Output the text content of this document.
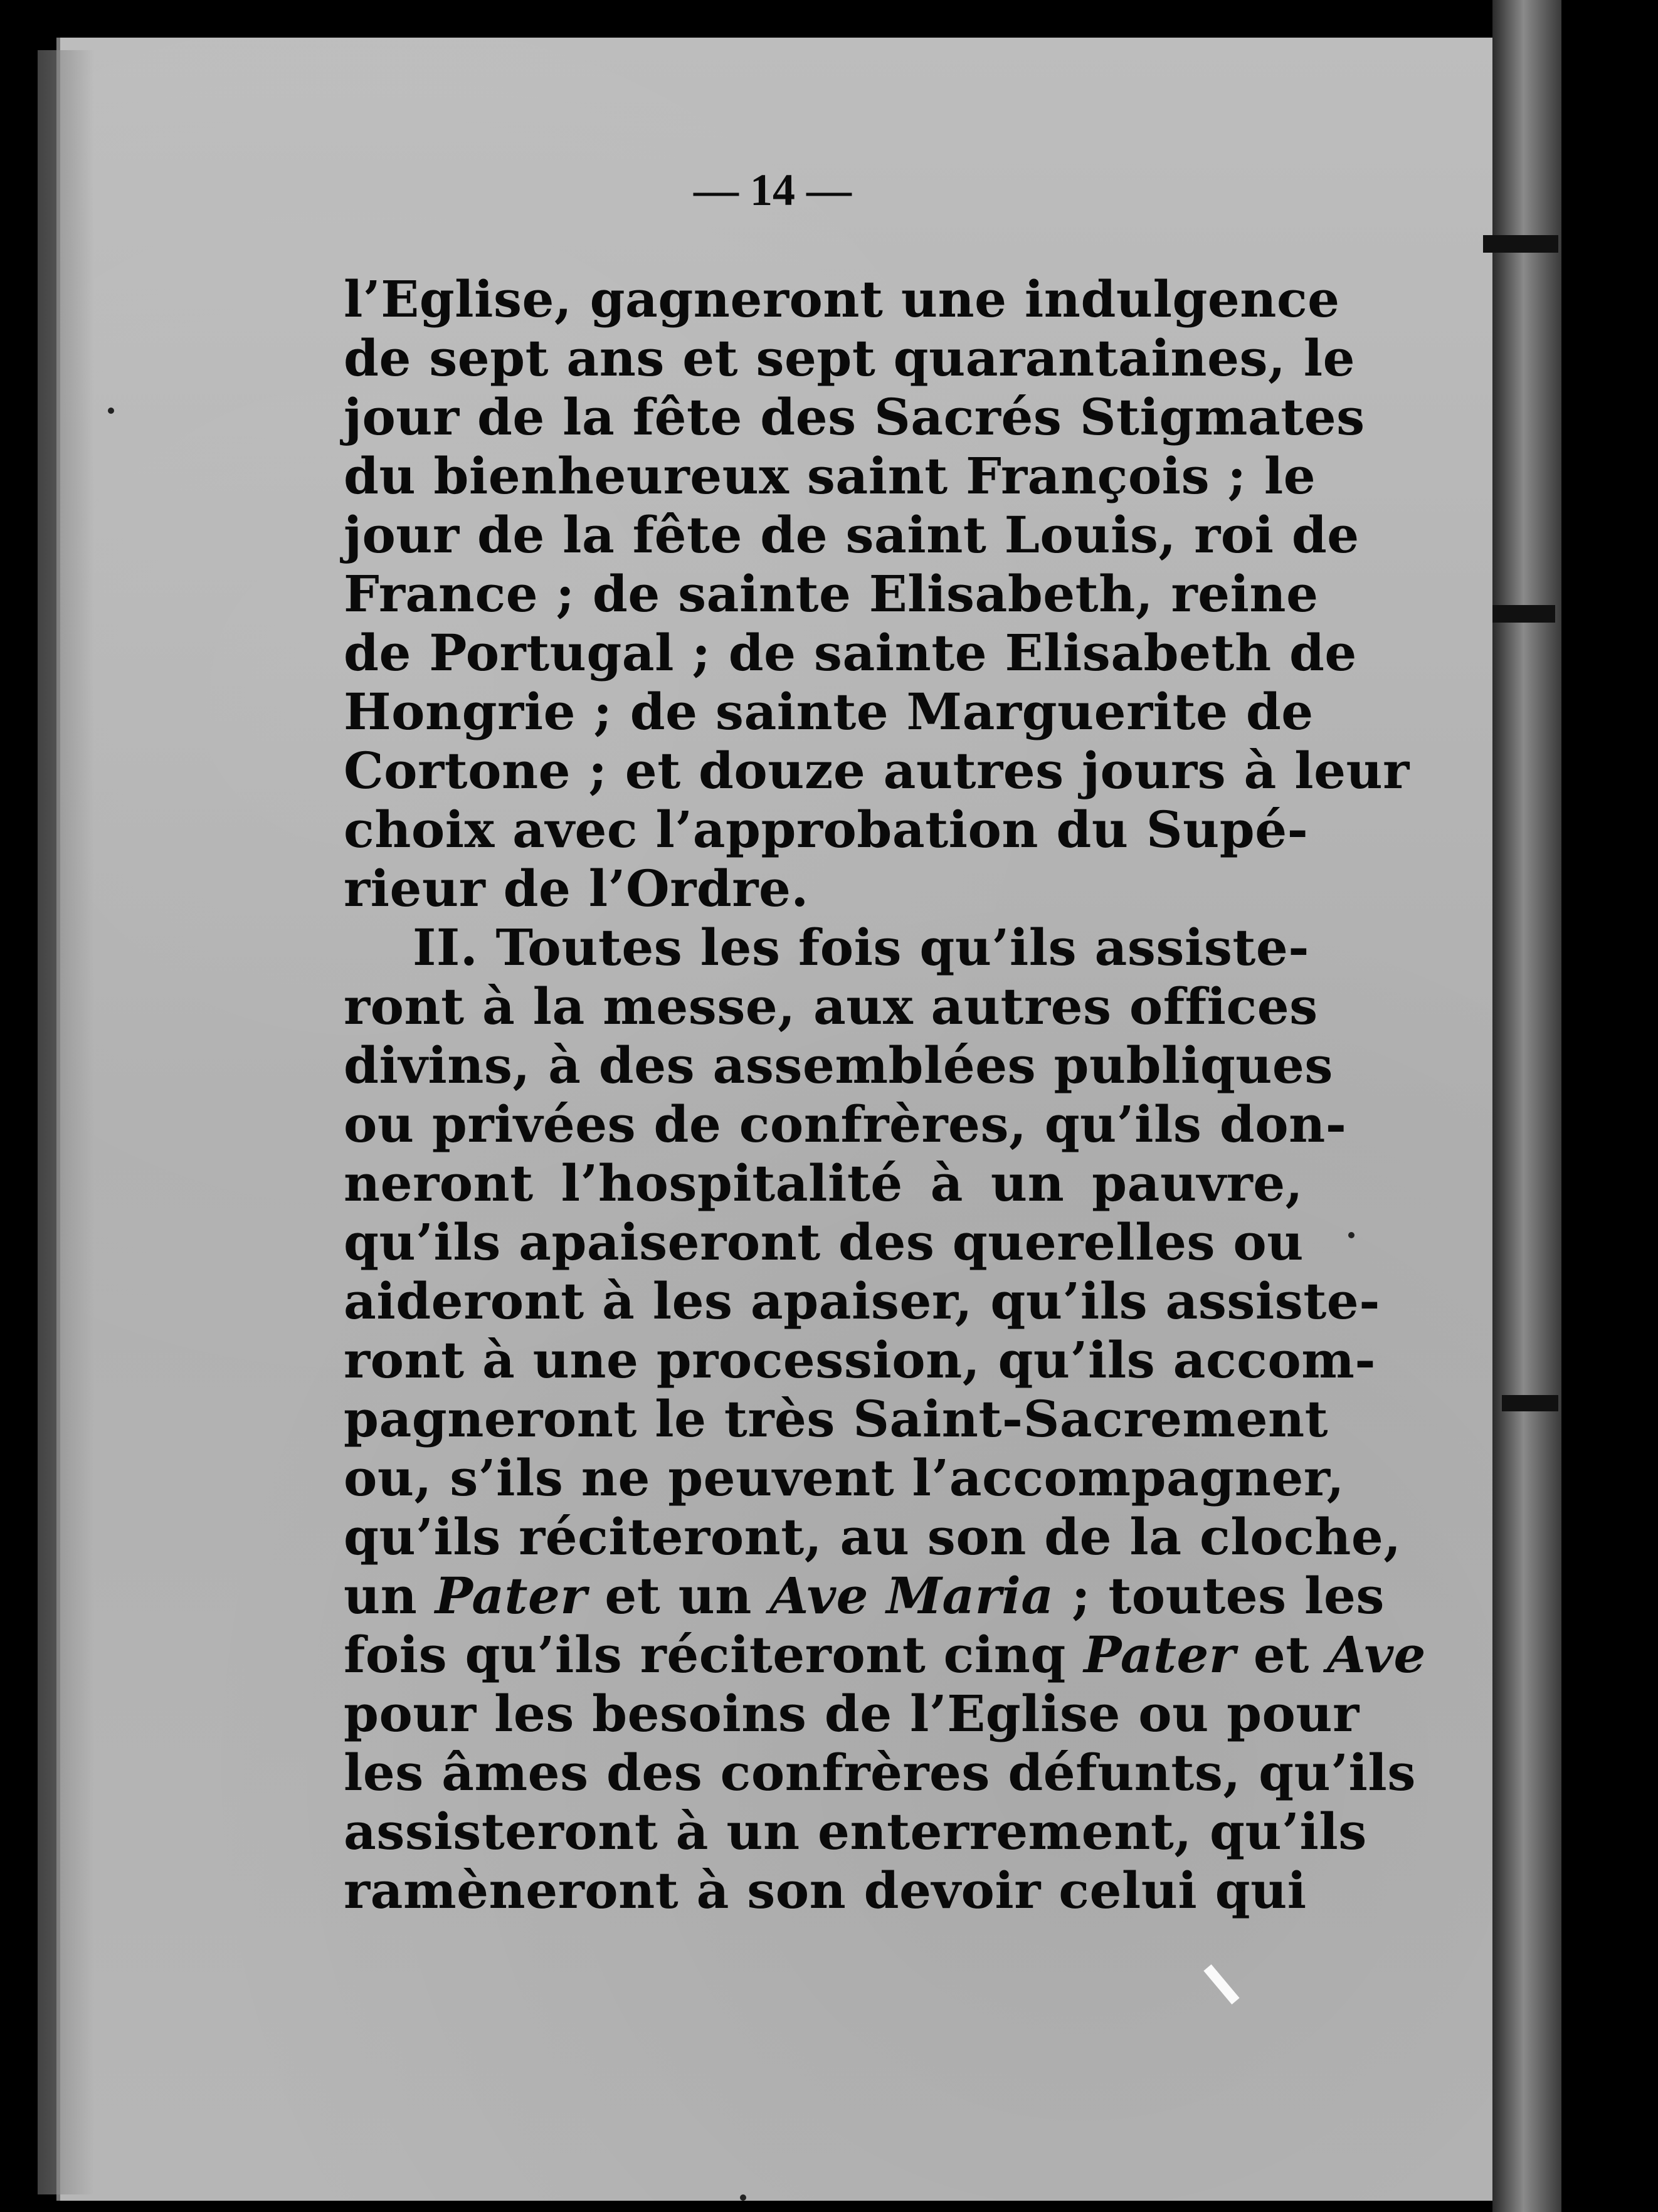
— 14 —
l’Eglise, gagneront une indulgence
de sept ans et sept quarantaines, le
jour de la fête des Sacrés Stigmates
du bienheureux saint François ; le
jour de la fête de saint Louis, roi de
France ; de sainte Elisabeth, reine
de Portugal ; de sainte Elisabeth de
Hongrie ; de sainte Marguerite de
Cortone ; et douze autres jours à leur
choix avec l’approbation du Supé-
rieur de l’Ordre.
II. Toutes les fois qu’ils assiste-
ront à la messe, aux autres offices
divins, à des assemblées publiques
ou privées de confrères, qu’ils don-
neront l’hospitalité à un pauvre,
qu’ils apaiseront des querelles ou
aideront à les apaiser, qu’ils assiste-
ront à une procession, qu’ils accom-
pagneront le très Saint-Sacrement
ou, s’ils ne peuvent l’accompagner,
qu’ils réciteront, au son de la cloche,
un Pater et un Ave Maria ; toutes les
fois qu’ils réciteront cinq Pater et Ave
pour les besoins de l’Eglise ou pour
les âmes des confrères défunts, qu’ils
assisteront à un enterrement, qu’ils
ramèneront à son devoir celui qui
